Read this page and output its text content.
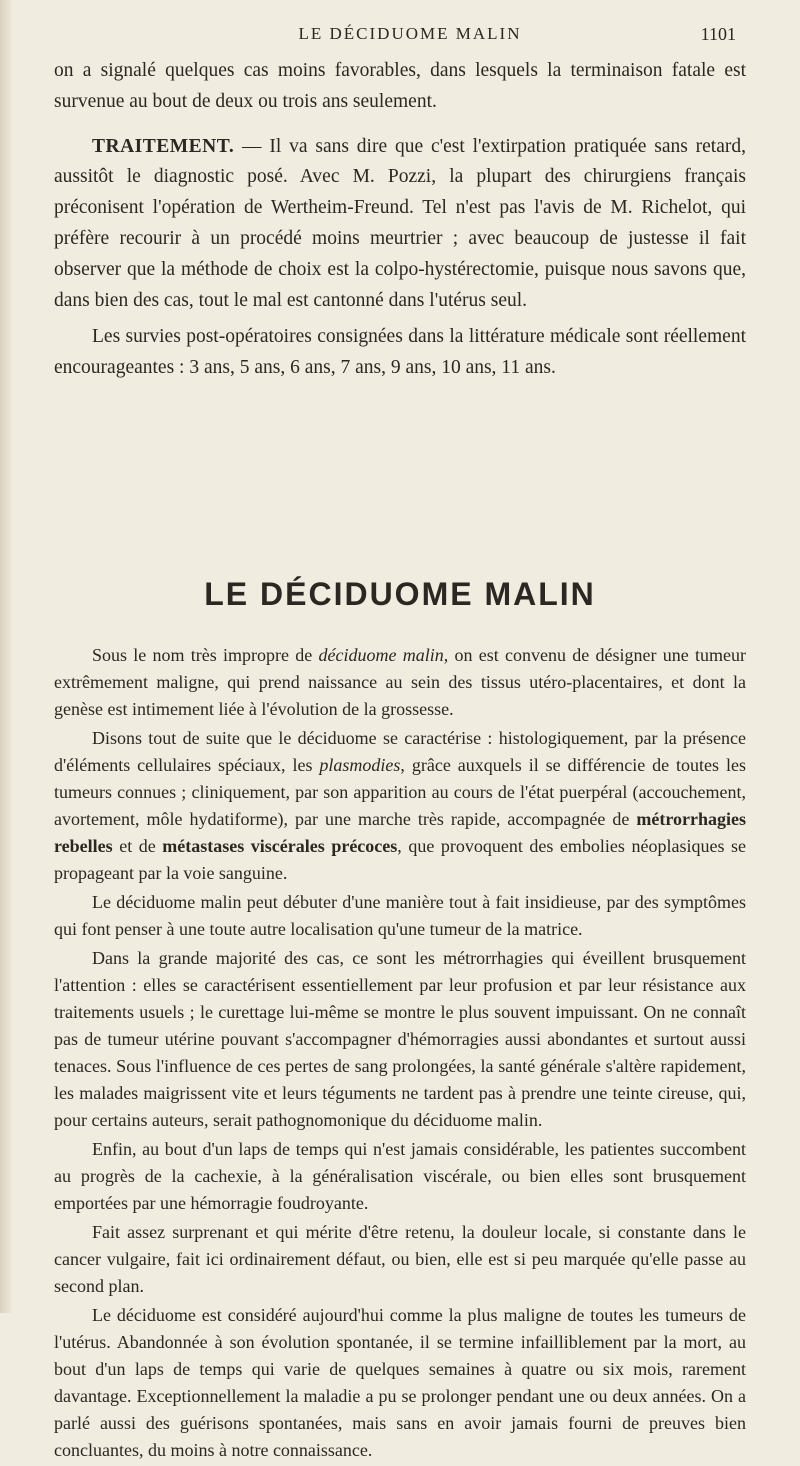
LE DÉCIDUOME MALIN	1101

on a signalé quelques cas moins favorables, dans lesquels la terminaison fatale est survenue au bout de deux ou trois ans seulement.

TRAITEMENT. — Il va sans dire que c'est l'extirpation pratiquée sans retard, aussitôt le diagnostic posé. Avec M. Pozzi, la plupart des chirurgiens français préconisent l'opération de Wertheim-Freund. Tel n'est pas l'avis de M. Richelot, qui préfère recourir à un procédé moins meurtrier ; avec beaucoup de justesse il fait observer que la méthode de choix est la colpo-hystérectomie, puisque nous savons que, dans bien des cas, tout le mal est cantonné dans l'utérus seul.

Les survies post-opératoires consignées dans la littérature médicale sont réellement encourageantes : 3 ans, 5 ans, 6 ans, 7 ans, 9 ans, 10 ans, 11 ans.

LE DÉCIDUOME MALIN

Sous le nom très impropre de déciduome malin, on est convenu de désigner une tumeur extrêmement maligne, qui prend naissance au sein des tissus utéro-placentaires, et dont la genèse est intimement liée à l'évolution de la grossesse.

Disons tout de suite que le déciduome se caractérise : histologiquement, par la présence d'éléments cellulaires spéciaux, les plasmodies, grâce auxquels il se différencie de toutes les tumeurs connues ; cliniquement, par son apparition au cours de l'état puerpéral (accouchement, avortement, môle hydatiforme), par une marche très rapide, accompagnée de métrorrhagies rebelles et de métastases viscérales précoces, que provoquent des embolies néoplasiques se propageant par la voie sanguine.

Le déciduome malin peut débuter d'une manière tout à fait insidieuse, par des symptômes qui font penser à une toute autre localisation qu'une tumeur de la matrice.

Dans la grande majorité des cas, ce sont les métrorrhagies qui éveillent brusquement l'attention : elles se caractérisent essentiellement par leur profusion et par leur résistance aux traitements usuels ; le curettage lui-même se montre le plus souvent impuissant. On ne connaît pas de tumeur utérine pouvant s'accompagner d'hémorragies aussi abondantes et surtout aussi tenaces. Sous l'influence de ces pertes de sang prolongées, la santé générale s'altère rapidement, les malades maigrissent vite et leurs téguments ne tardent pas à prendre une teinte cireuse, qui, pour certains auteurs, serait pathognomonique du déciduome malin.

Enfin, au bout d'un laps de temps qui n'est jamais considérable, les patientes succombent au progrès de la cachexie, à la généralisation viscérale, ou bien elles sont brusquement emportées par une hémorragie foudroyante.

Fait assez surprenant et qui mérite d'être retenu, la douleur locale, si constante dans le cancer vulgaire, fait ici ordinairement défaut, ou bien, elle est si peu marquée qu'elle passe au second plan.

Le déciduome est considéré aujourd'hui comme la plus maligne de toutes les tumeurs de l'utérus. Abandonnée à son évolution spontanée, il se termine infailliblement par la mort, au bout d'un laps de temps qui varie de quelques semaines à quatre ou six mois, rarement davantage. Exceptionnellement la maladie a pu se prolonger pendant une ou deux années. On a parlé aussi des guérisons spontanées, mais sans en avoir jamais fourni de preuves bien concluantes, du moins à notre connaissance.
